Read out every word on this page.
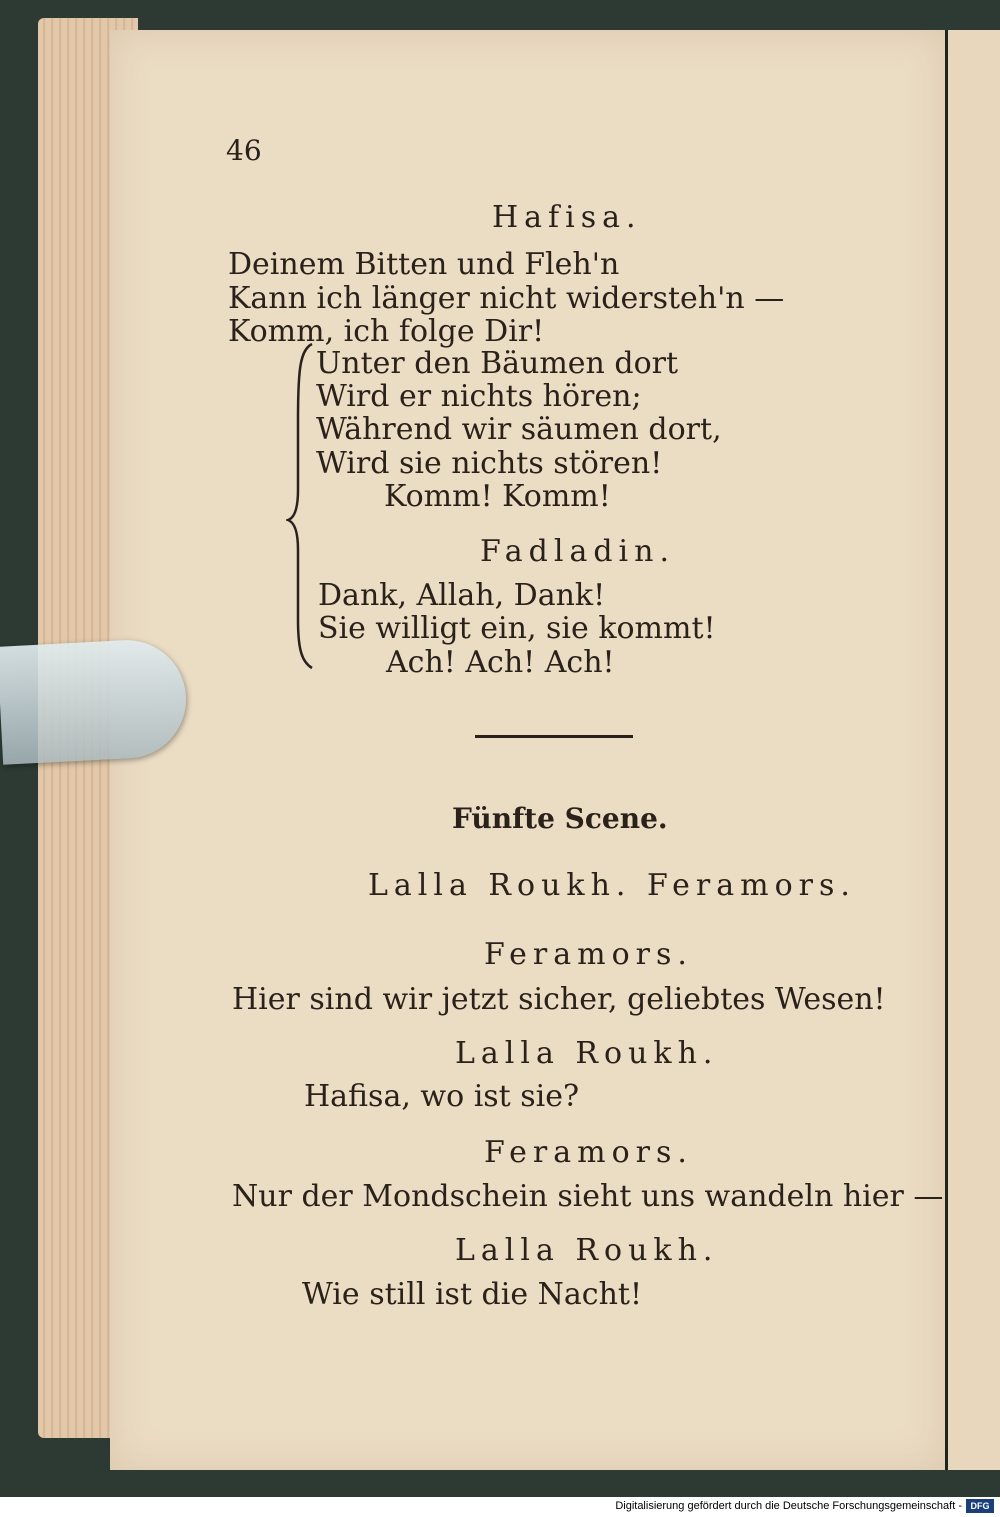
46
Hafisa.
Deinem Bitten und Fleh'n
Kann ich länger nicht widersteh'n —
Komm, ich folge Dir!
Unter den Bäumen dort
Wird er nichts hören;
Während wir säumen dort,
Wird sie nichts stören!
Komm! Komm!
Fadladin.
Dank, Allah, Dank!
Sie willigt ein, sie kommt!
Ach! Ach! Ach!
Fünfte Scene.
Lalla Roukh. Feramors.
Feramors.
Hier sind wir jetzt sicher, geliebtes Wesen!
Lalla Roukh.
Hafisa, wo ist sie?
Feramors.
Nur der Mondschein sieht uns wandeln hier —
Lalla Roukh.
Wie still ist die Nacht!
Digitalisierung gefördert durch die Deutsche Forschungsgemeinschaft - DFG
